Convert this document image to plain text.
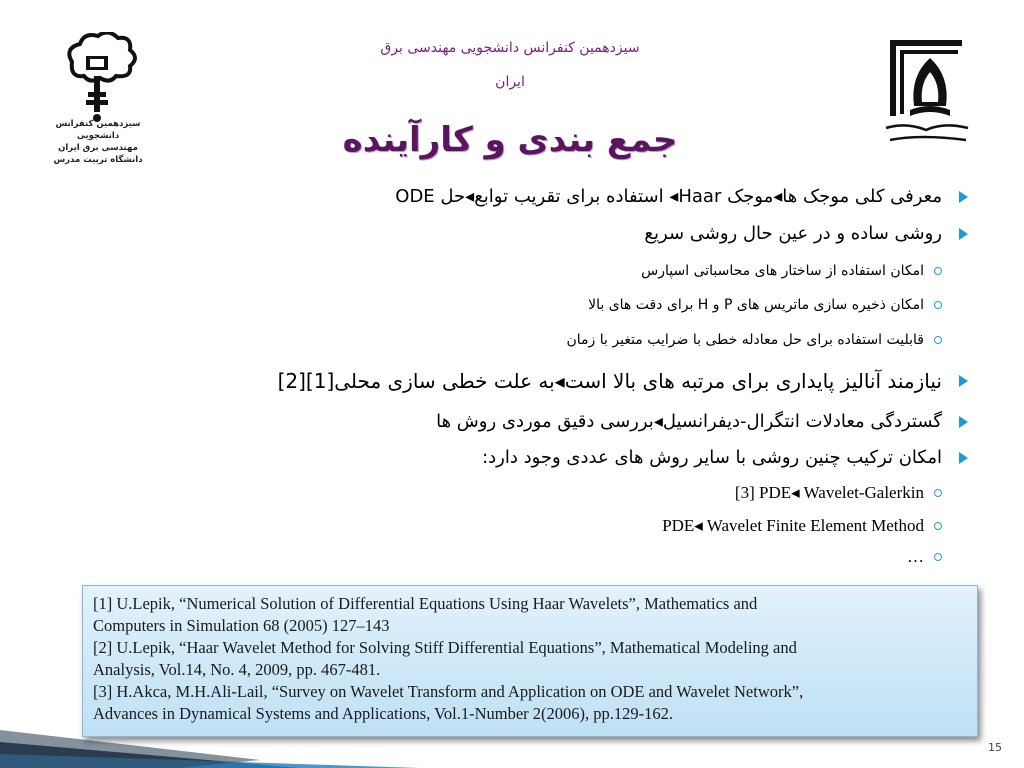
سیزدهمین کنفرانس دانشجویی
مهندسی برق ایران
دانشگاه تربیت مدرس
سیزدهمین کنفرانس دانشجویی مهندسی برق
ایران
جمع بندی و کارآینده
معرفی کلی موجک ها◂موجک Haar◂ استفاده برای تقریب توابع◂حل ODE
روشی ساده و در عین حال روشی سریع
امکان استفاده از ساختار های محاسباتی اسپارس
امکان ذخیره سازی ماتریس های P و H برای دقت های بالا
قابلیت استفاده برای حل معادله خطی با ضرایب متغیر با زمان
نیازمند آنالیز پایداری برای مرتبه های بالا است◂به علت خطی سازی محلی[1][2]
گستردگی معادلات انتگرال-دیفرانسیل◂بررسی دقیق موردی روش ها
امکان ترکیب چنین روشی با سایر روش های عددی وجود دارد:
[3] PDE◂ Wavelet-Galerkin
PDE◂ Wavelet Finite Element Method
…
[1] U.Lepik, “Numerical Solution of Differential Equations Using Haar Wavelets”, Mathematics and
Computers in Simulation 68 (2005) 127–143
[2] U.Lepik, “Haar Wavelet Method for Solving Stiff Differential Equations”, Mathematical Modeling and
Analysis, Vol.14, No. 4, 2009, pp. 467-481.
[3] H.Akca, M.H.Ali-Lail, “Survey on Wavelet Transform and Application on ODE and Wavelet Network”,
Advances in Dynamical Systems and Applications, Vol.1-Number 2(2006), pp.129-162.
15
